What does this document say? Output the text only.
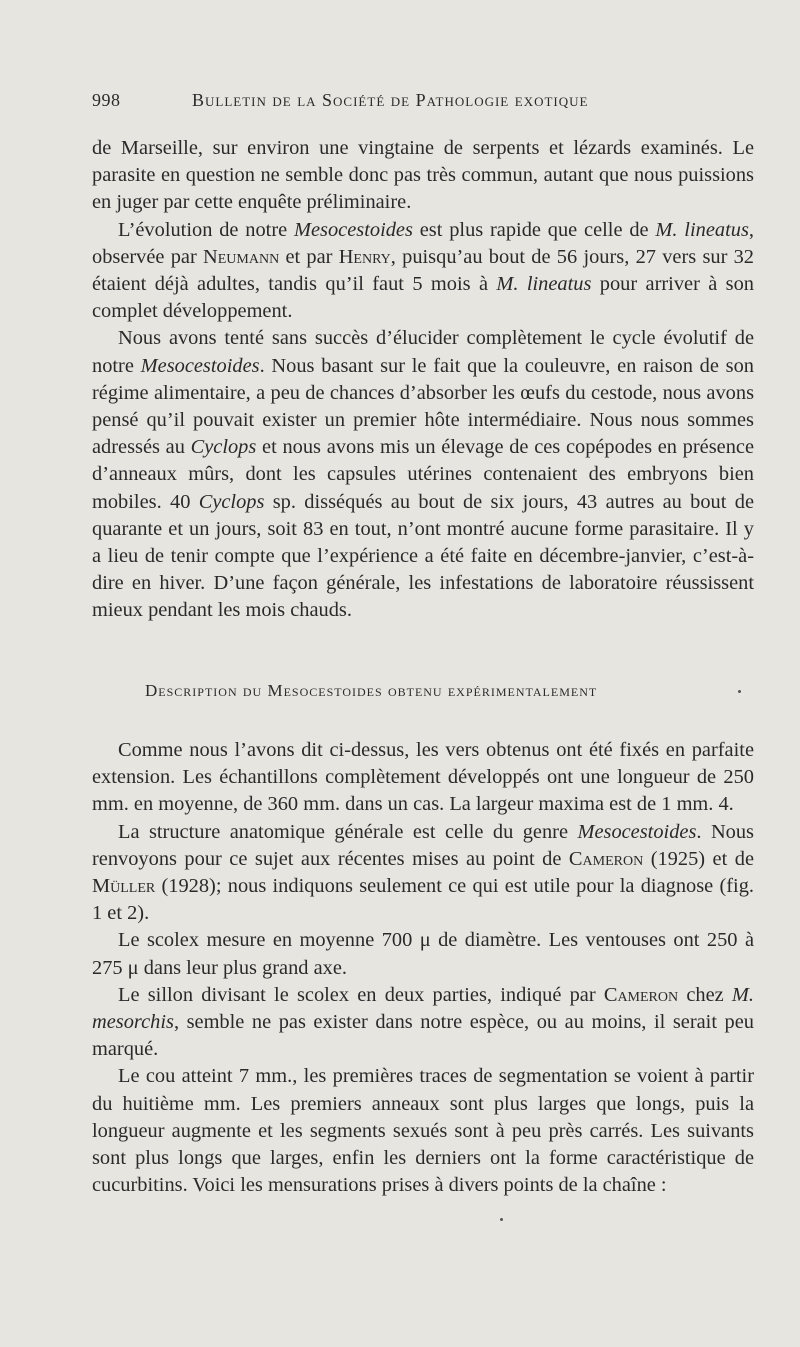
998	Bulletin de la Société de Pathologie exotique

de Marseille, sur environ une vingtaine de serpents et lézards examinés. Le parasite en question ne semble donc pas très commun, autant que nous puissions en juger par cette enquête préliminaire.

L’évolution de notre Mesocestoides est plus rapide que celle de M. lineatus, observée par Neumann et par Henry, puisqu’au bout de 56 jours, 27 vers sur 32 étaient déjà adultes, tandis qu’il faut 5 mois à M. lineatus pour arriver à son complet développement.

Nous avons tenté sans succès d’élucider complètement le cycle évolutif de notre Mesocestoides. Nous basant sur le fait que la couleuvre, en raison de son régime alimentaire, a peu de chances d’absorber les œufs du cestode, nous avons pensé qu’il pouvait exister un premier hôte intermédiaire. Nous nous sommes adressés au Cyclops et nous avons mis un élevage de ces copépodes en présence d’anneaux mûrs, dont les capsules utérines contenaient des embryons bien mobiles. 40 Cyclops sp. disséqués au bout de six jours, 43 autres au bout de quarante et un jours, soit 83 en tout, n’ont montré aucune forme parasitaire. Il y a lieu de tenir compte que l’expérience a été faite en décembre-janvier, c’est-à-dire en hiver. D’une façon générale, les infestations de laboratoire réussissent mieux pendant les mois chauds.

Description du Mesocestoides obtenu expérimentalement

Comme nous l’avons dit ci-dessus, les vers obtenus ont été fixés en parfaite extension. Les échantillons complètement développés ont une longueur de 250 mm. en moyenne, de 360 mm. dans un cas. La largeur maxima est de 1 mm. 4.

La structure anatomique générale est celle du genre Mesocestoides. Nous renvoyons pour ce sujet aux récentes mises au point de Cameron (1925) et de Müller (1928); nous indiquons seulement ce qui est utile pour la diagnose (fig. 1 et 2).

Le scolex mesure en moyenne 700 μ de diamètre. Les ventouses ont 250 à 275 μ dans leur plus grand axe.

Le sillon divisant le scolex en deux parties, indiqué par Cameron chez M. mesorchis, semble ne pas exister dans notre espèce, ou au moins, il serait peu marqué.

Le cou atteint 7 mm., les premières traces de segmentation se voient à partir du huitième mm. Les premiers anneaux sont plus larges que longs, puis la longueur augmente et les segments sexués sont à peu près carrés. Les suivants sont plus longs que larges, enfin les derniers ont la forme caractéristique de cucurbitins. Voici les mensurations prises à divers points de la chaîne :
